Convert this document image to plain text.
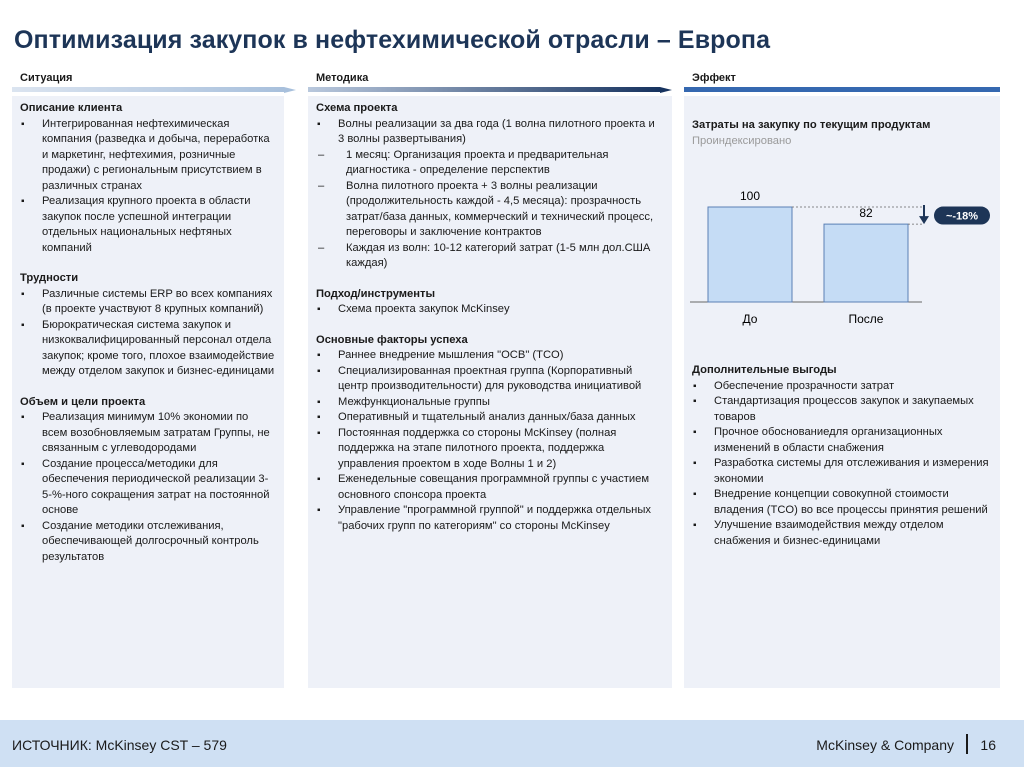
Оптимизация закупок в нефтехимической отрасли – Европа
Ситуация	Методика	Эффект
Описание клиента
▪ Интегрированная нефтехимическая компания (разведка и добыча, переработка и маркетинг, нефтехимия, розничные продажи) с региональным присутствием в различных странах
▪ Реализация крупного проекта в области закупок после успешной интеграции отдельных национальных нефтяных компаний
Трудности
▪ Различные системы ERP во всех компаниях (в проекте участвуют 8 крупных компаний)
▪ Бюрократическая система закупок и низкоквалифицированный персонал отдела закупок; кроме того, плохое взаимодействие между отделом закупок и бизнес-единицами
Объем и цели проекта
▪ Реализация минимум 10% экономии по всем возобновляемым затратам Группы, не связанным с углеводородами
▪ Создание процесса/методики для обеспечения периодической реализации 3-5-%-ного сокращения затрат на постоянной основе
▪ Создание методики отслеживания, обеспечивающей долгосрочный контроль результатов
Схема проекта
▪ Волны реализации за два года (1 волна пилотного проекта и 3 волны развертывания)
– 1 месяц: Организация проекта и предварительная диагностика - определение перспектив
– Волна пилотного проекта + 3 волны реализации (продолжительность каждой - 4,5 месяца): прозрачность затрат/база данных, коммерческий и технический процесс, переговоры и заключение контрактов
– Каждая из волн: 10-12 категорий затрат (1-5 млн дол.США каждая)
Подход/инструменты
▪ Схема проекта закупок McKinsey
Основные факторы успеха
▪ Раннее внедрение мышления "OCB" (TCO)
▪ Специализированная проектная группа (Корпоративный центр производительности) для руководства инициативой
▪ Межфункциональные группы
▪ Оперативный и тщательный анализ данных/база данных
▪ Постоянная поддержка со стороны McKinsey (полная поддержка на этапе пилотного проекта, поддержка управления проектом в ходе Волны 1 и 2)
▪ Еженедельные совещания программной группы с участием основного спонсора проекта
▪ Управление "программной группой" и поддержка отдельных "рабочих групп по категориям" со стороны McKinsey
Затраты на закупку по текущим продуктам
Проиндексировано
100
82
До	После
~-18%
Дополнительные выгоды
▪ Обеспечение прозрачности затрат
▪ Стандартизация процессов закупок и закупаемых товаров
▪ Прочное обоснованиедля организационных изменений в области снабжения
▪ Разработка системы для отслеживания и измерения экономии
▪ Внедрение концепции совокупной стоимости владения (TCO) во все процессы принятия решений
▪ Улучшение взаимодействия между отделом снабжения и бизнес-единицами
ИСТОЧНИК: McKinsey CST – 579	McKinsey & Company 16
